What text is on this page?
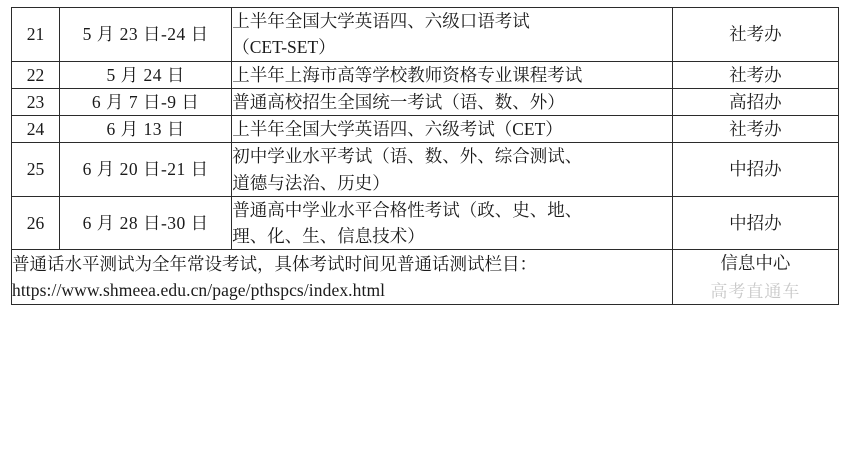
21	5 月 23 日-24 日	上半年全国大学英语四、六级口语考试
（CET-SET）	社考办
22	5 月 24 日	上半年上海市高等学校教师资格专业课程考试	社考办
23	6 月 7 日-9 日	普通高校招生全国统一考试（语、数、外）	高招办
24	6 月 13 日	上半年全国大学英语四、六级考试（CET）	社考办
25	6 月 20 日-21 日	初中学业水平考试（语、数、外、综合测试、
道德与法治、历史）	中招办
26	6 月 28 日-30 日	普通高中学业水平合格性考试（政、史、地、
理、化、生、信息技术）	中招办

普通话水平测试为全年常设考试，具体考试时间见普通话测试栏目：
https://www.shmeea.edu.cn/page/pthspcs/index.html			信息中心
高考直通车
